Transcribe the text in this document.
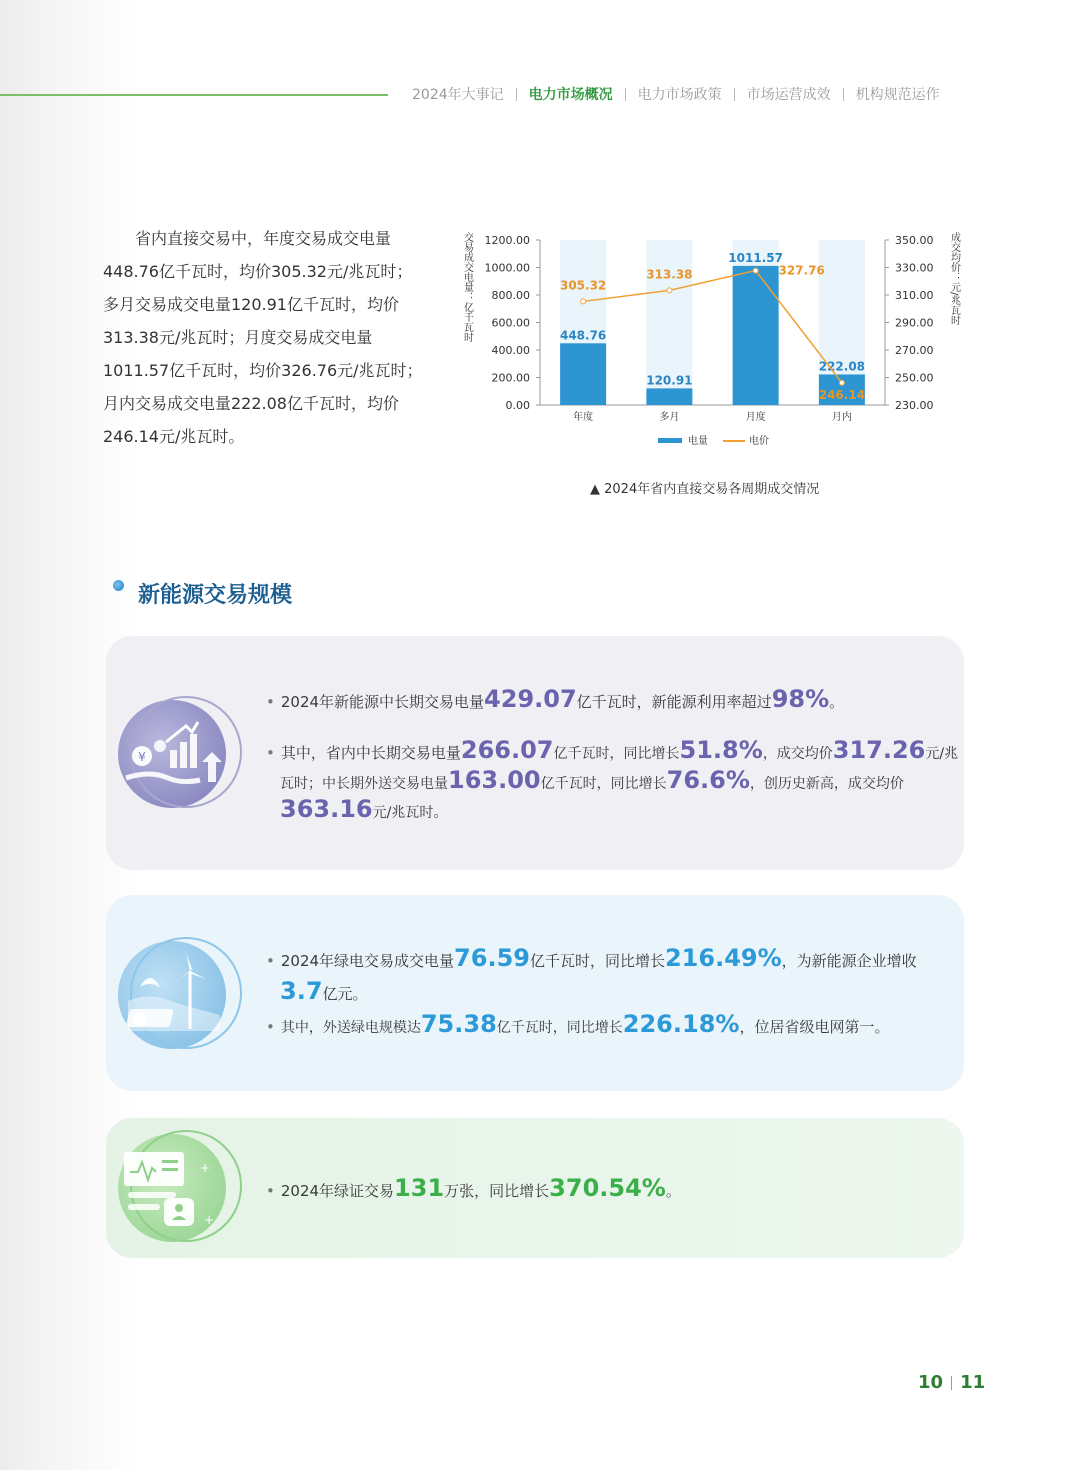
2024年大事记	电力市场概况	电力市场政策	市场运营成效	机构规范运作
省内直接交易中，年度交易成交电量
448.76亿千瓦时，均价305.32元/兆瓦时；
多月交易成交电量120.91亿千瓦时，均价
313.38元/兆瓦时；月度交易成交电量
1011.57亿千瓦时，均价326.76元/兆瓦时；
月内交易成交电量222.08亿千瓦时，均价
246.14元/兆瓦时。
0.00
200.00
400.00
600.00
800.00
1000.00
1200.00
230.00
250.00
270.00
290.00
310.00
330.00
350.00
448.76
年度
120.91
多月
1011.57
月度
222.08
月内
305.32
313.38	327.76
246.14
交易成交电量：亿千瓦时	成交均价：元/兆瓦时
电量	电价
▲ 2024年省内直接交易各周期成交情况
新能源交易规模
¥
• 2024年新能源中长期交易电量429.07亿千瓦时，新能源利用率超过98%。
• 其中，省内中长期交易电量266.07亿千瓦时，同比增长51.8%，成交均价317.26元/兆
瓦时；中长期外送交易电量163.00亿千瓦时，同比增长76.6%，创历史新高，成交均价
363.16元/兆瓦时。
• 2024年绿电交易成交电量76.59亿千瓦时，同比增长216.49%，为新能源企业增收
3.7亿元。
• 其中，外送绿电规模达75.38亿千瓦时，同比增长226.18%，位居省级电网第一。
+
+
• 2024年绿证交易131万张，同比增长370.54%。
10 11
